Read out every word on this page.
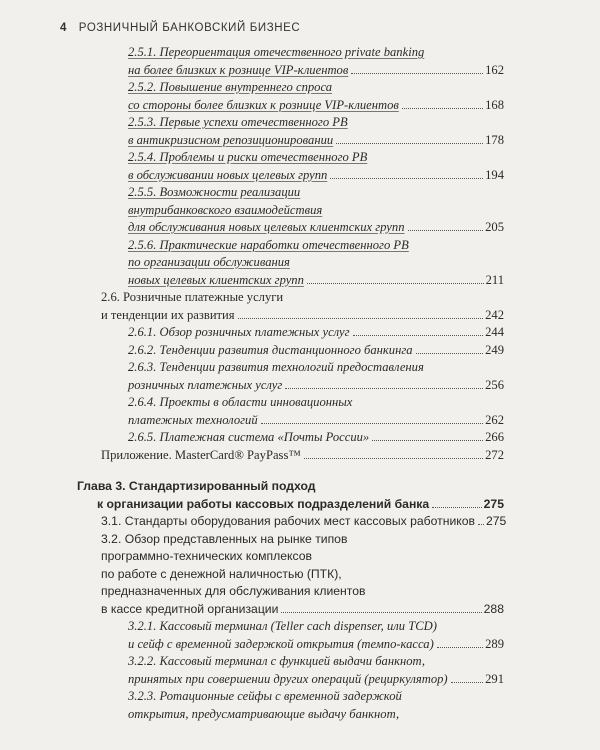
4 РОЗНИЧНЫЙ БАНКОВСКИЙ БИЗНЕС
2.5.1. Переориентация отечественного private banking
на более близких к рознице VIP-клиентов	162
2.5.2. Повышение внутреннего спроса
со стороны более близких к рознице VIP-клиентов	168
2.5.3. Первые успехи отечественного PB
в антикризисном репозиционировании	178
2.5.4. Проблемы и риски отечественного PB
в обслуживании новых целевых групп	194
2.5.5. Возможности реализации
внутрибанковского взаимодействия
для обслуживания новых целевых клиентских групп	205
2.5.6. Практические наработки отечественного PB
по организации обслуживания
новых целевых клиентских групп	211
2.6. Розничные платежные услуги
и тенденции их развития	242
2.6.1. Обзор розничных платежных услуг	244
2.6.2. Тенденции развития дистанционного банкинга	249
2.6.3. Тенденции развития технологий предоставления
розничных платежных услуг	256
2.6.4. Проекты в области инновационных
платежных технологий	262
2.6.5. Платежная система «Почты России»	266
Приложение. MasterCard® PayPass™	272
Глава 3. Стандартизированный подход
к организации работы кассовых подразделений банка	275
3.1. Стандарты оборудования рабочих мест кассовых работников 275
3.2. Обзор представленных на рынке типов
программно-технических комплексов
по работе с денежной наличностью (ПТК),
предназначенных для обслуживания клиентов
в кассе кредитной организации	288
3.2.1. Кассовый терминал (Teller cach dispenser, или TCD)
и сейф с временной задержкой открытия (темпо-касса)	289
3.2.2. Кассовый терминал с функцией выдачи банкнот,
принятых при совершении других операций (рециркулятор)	291
3.2.3. Ротационные сейфы с временной задержкой
открытия, предусматривающие выдачу банкнот,
